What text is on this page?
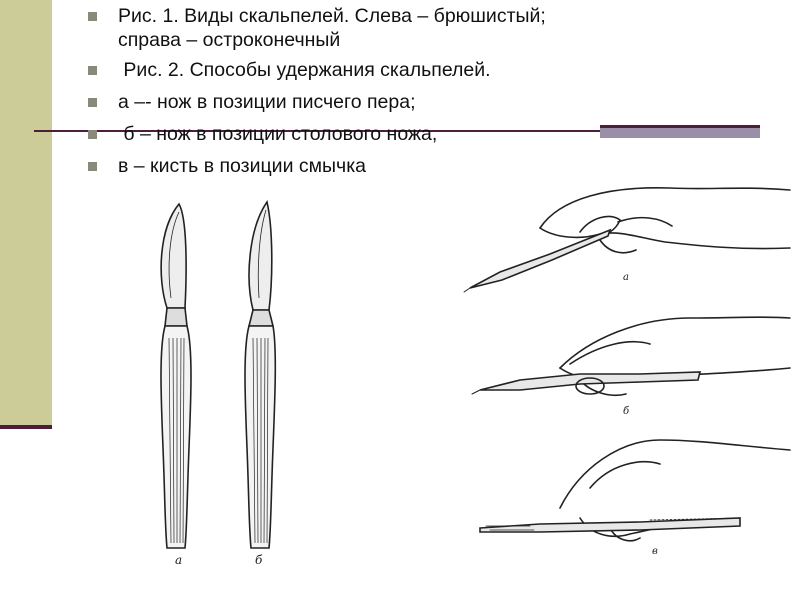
Рис. 1. Виды скальпелей. Слева – брюшистый;
справа – остроконечный
Рис. 2. Способы удержания скальпелей.
а –- нож в позиции писчего пера;
б – нож в позиции столового ножа,
в – кисть в позиции смычка
а	б
а
б
в
